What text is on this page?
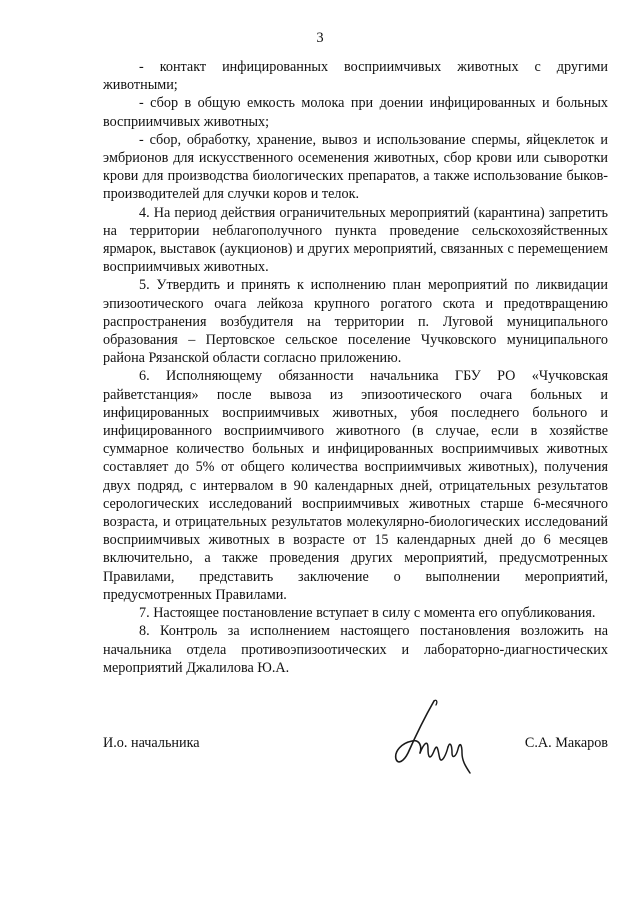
3

- контакт инфицированных восприимчивых животных с другими животными;

- сбор в общую емкость молока при доении инфицированных и больных восприимчивых животных;

- сбор, обработку, хранение, вывоз и использование спермы, яйцеклеток и эмбрионов для искусственного осеменения животных, сбор крови или сыворотки крови для производства биологических препаратов, а также использование быков-производителей для случки коров и телок.

4. На период действия ограничительных мероприятий (карантина) запретить на территории неблагополучного пункта проведение сельскохозяйственных ярмарок, выставок (аукционов) и других мероприятий, связанных с перемещением восприимчивых животных.

5. Утвердить и принять к исполнению план мероприятий по ликвидации эпизоотического очага лейкоза крупного рогатого скота и предотвращению распространения возбудителя на территории п. Луговой муниципального образования – Пертовское сельское поселение Чучковского муниципального района Рязанской области согласно приложению.

6. Исполняющему обязанности начальника ГБУ РО «Чучковская райветстанция» после вывоза из эпизоотического очага больных и инфицированных восприимчивых животных, убоя последнего больного и инфицированного восприимчивого животного (в случае, если в хозяйстве суммарное количество больных и инфицированных восприимчивых животных составляет до 5% от общего количества восприимчивых животных), получения двух подряд, с интервалом в 90 календарных дней, отрицательных результатов серологических исследований восприимчивых животных старше 6-месячного возраста, и отрицательных результатов молекулярно-биологических исследований восприимчивых животных в возрасте от 15 календарных дней до 6 месяцев включительно, а также проведения других мероприятий, предусмотренных Правилами, представить заключение о выполнении мероприятий, предусмотренных Правилами.

7. Настоящее постановление вступает в силу с момента его опубликования.

8. Контроль за исполнением настоящего постановления возложить на начальника отдела противоэпизоотических и лабораторно-диагностических мероприятий Джалилова Ю.А.

И.о. начальника	С.А. Макаров
